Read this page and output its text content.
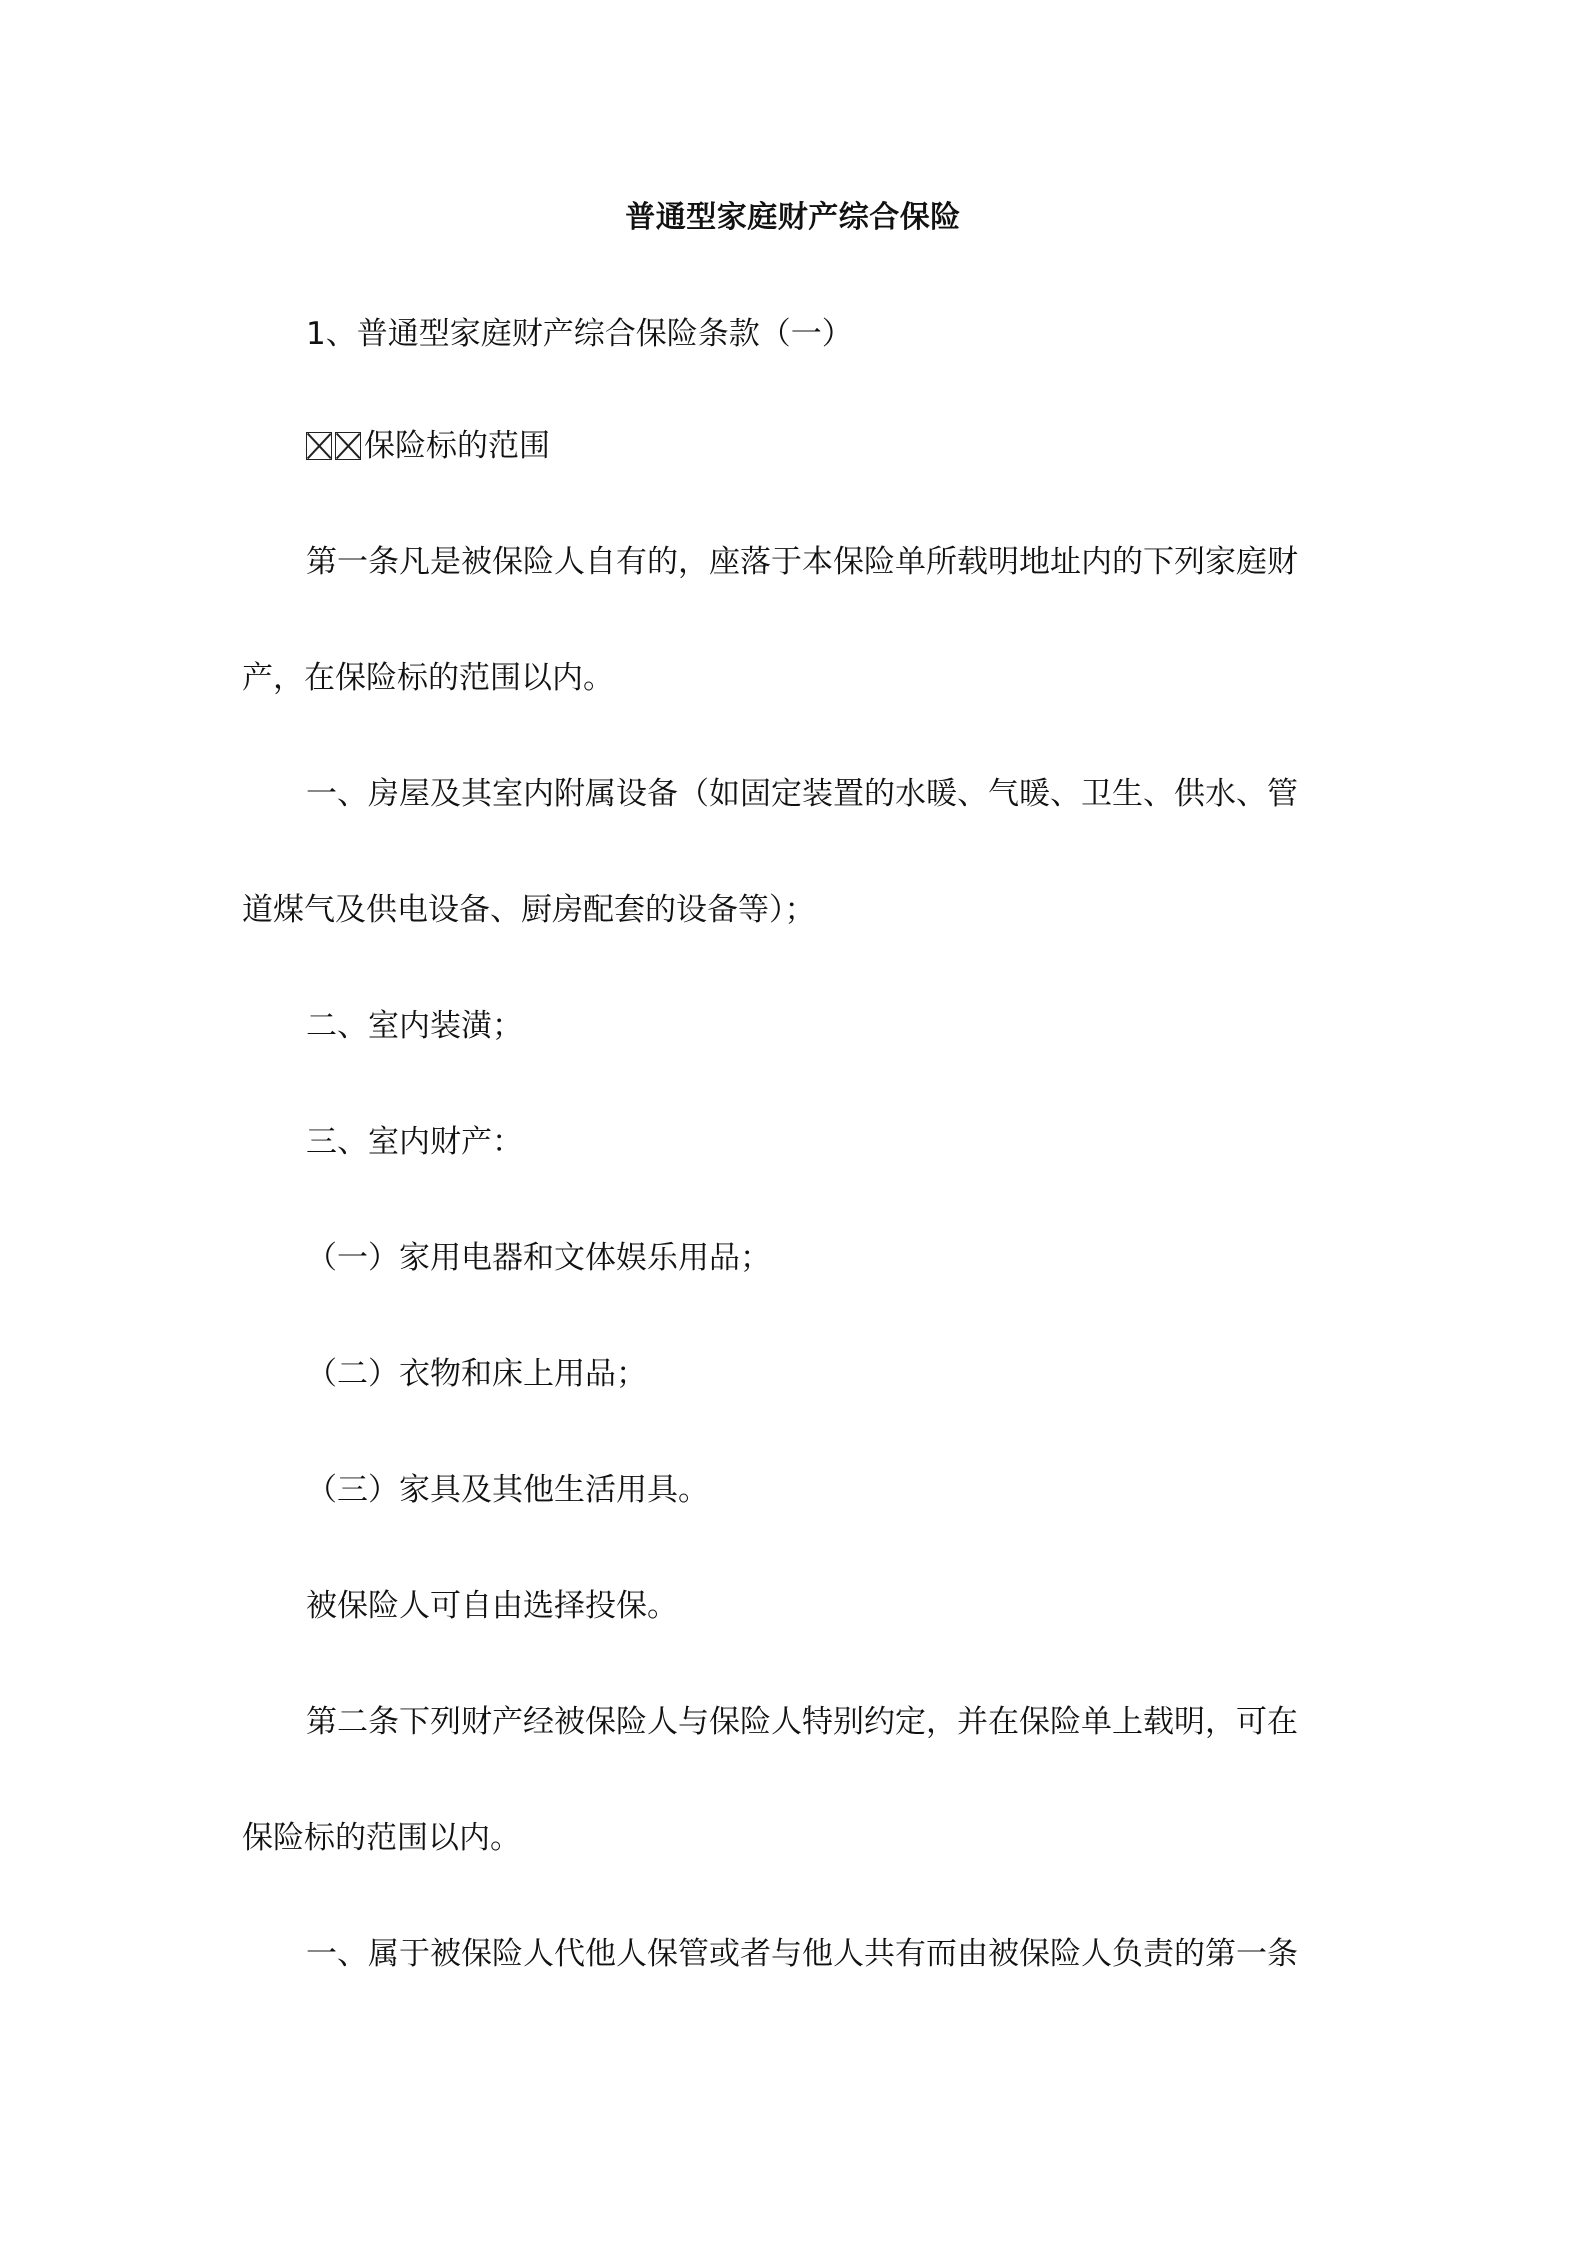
普通型家庭财产综合保险
1、普通型家庭财产综合保险条款（一）
保险标的范围
第一条凡是被保险人自有的，座落于本保险单所载明地址内的下列家庭财
产，在保险标的范围以内。
一、房屋及其室内附属设备（如固定装置的水暖、气暖、卫生、供水、管
道煤气及供电设备、厨房配套的设备等）；
二、室内装潢；
三、室内财产：
（一）家用电器和文体娱乐用品；
（二）衣物和床上用品；
（三）家具及其他生活用具。
被保险人可自由选择投保。
第二条下列财产经被保险人与保险人特别约定，并在保险单上载明，可在
保险标的范围以内。
一、属于被保险人代他人保管或者与他人共有而由被保险人负责的第一条
